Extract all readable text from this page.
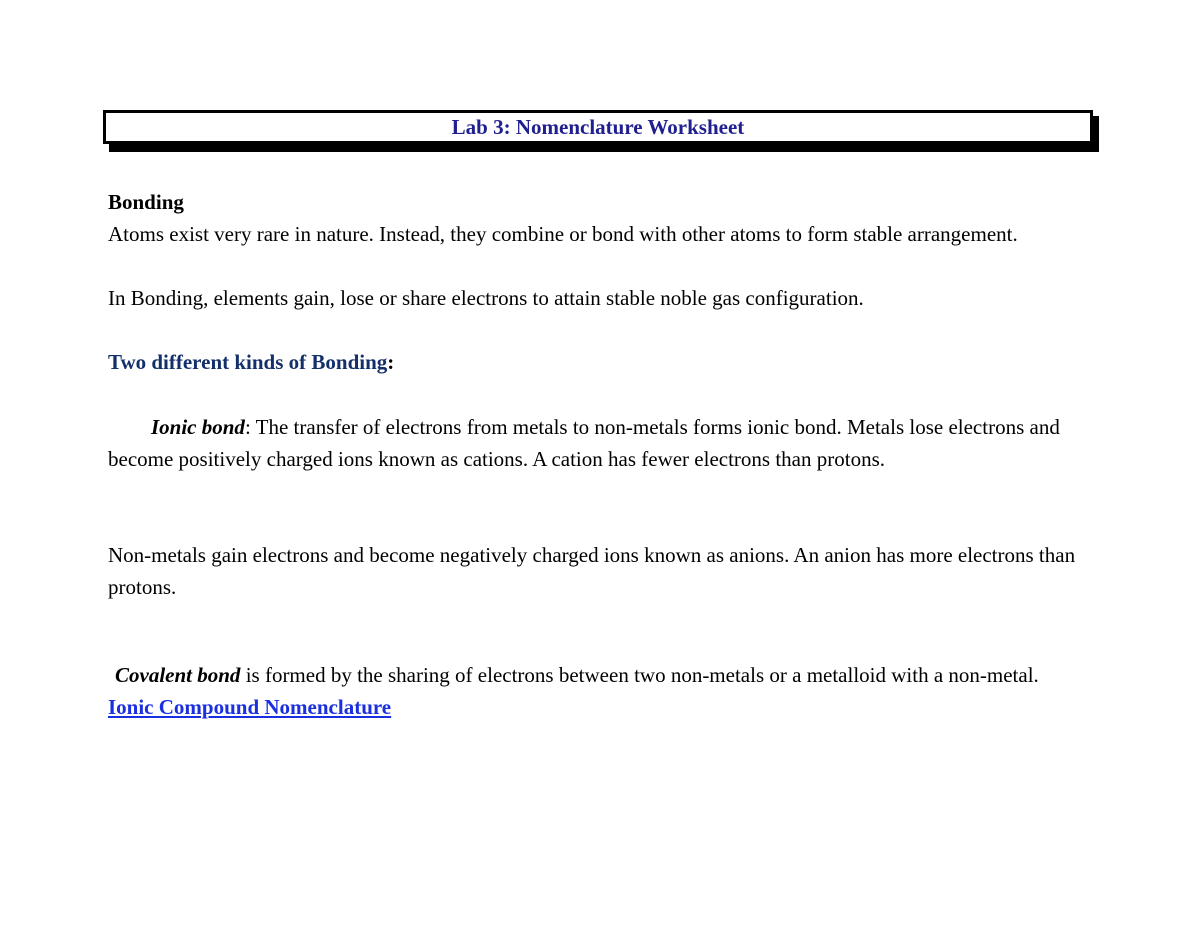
Lab 3: Nomenclature Worksheet

Bonding

Atoms exist very rare in nature. Instead, they combine or bond with other atoms to form stable arrangement.

In Bonding, elements gain, lose or share electrons to attain stable noble gas configuration.

Two different kinds of Bonding:

Ionic bond: The transfer of electrons from metals to non-metals forms ionic bond. Metals lose electrons and become positively charged ions known as cations. A cation has fewer electrons than protons.

Non-metals gain electrons and become negatively charged ions known as anions. An anion has more electrons than protons.

Covalent bond is formed by the sharing of electrons between two non-metals or a metalloid with a non-metal.

Ionic Compound Nomenclature
